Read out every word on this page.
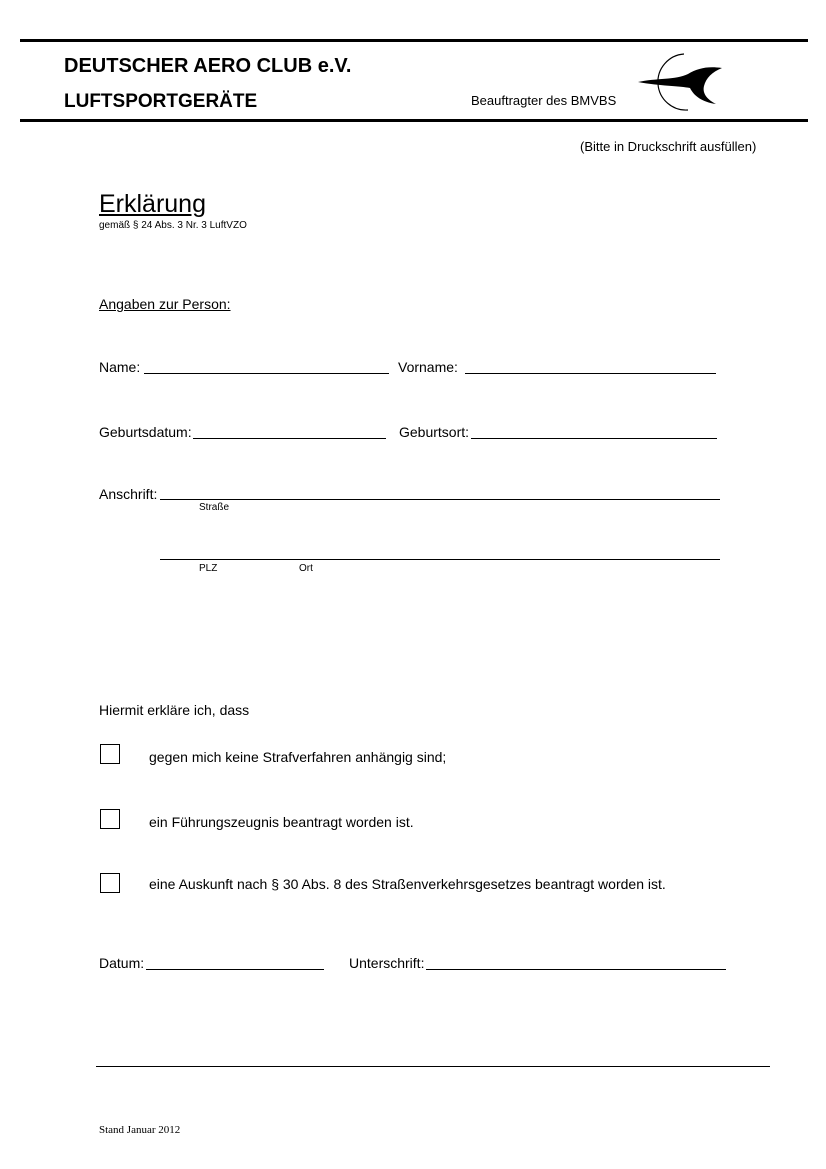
DEUTSCHER AERO CLUB e.V.
LUFTSPORTGERÄTE	Beauftragter des BMVBS
(Bitte in Druckschrift ausfüllen)
Erklärung
gemäß § 24 Abs. 3 Nr. 3 LuftVZO
Angaben zur Person:
Name:	Vorname:
Geburtsdatum:	Geburtsort:
Anschrift:
Straße
PLZ	Ort
Hiermit erkläre ich, dass
gegen mich keine Strafverfahren anhängig sind;
ein Führungszeugnis beantragt worden ist.
eine Auskunft nach § 30 Abs. 8 des Straßenverkehrsgesetzes beantragt worden ist.
Datum:	Unterschrift:
Stand Januar 2012
